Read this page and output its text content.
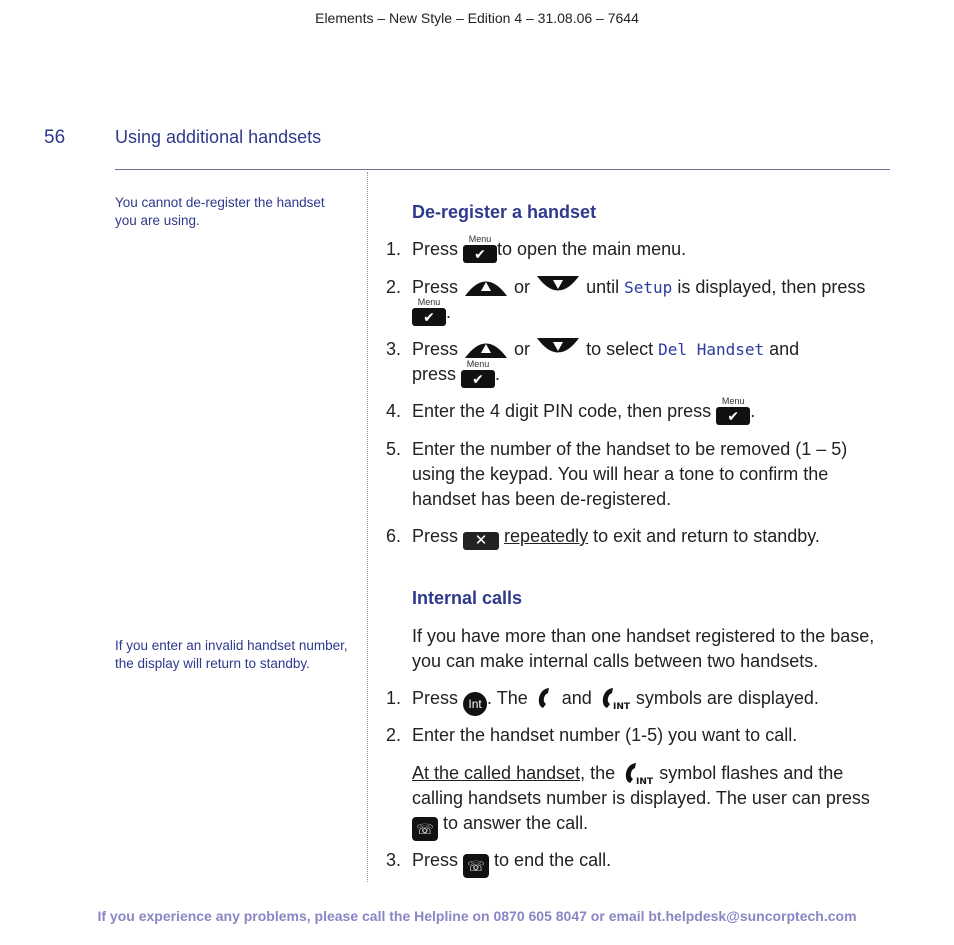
Elements – New Style – Edition 4 – 31.08.06 – 7644
56	Using additional handsets
You cannot de-register the handset you are using.
If you enter an invalid handset number, the display will return to standby.
De-register a handset
1. Press Menu
✔ to open the main menu.
2. Press	Redial or	Calls until Setup is displayed, then press

Menu
✔ .
3. Press	Redial or	Calls to select Del Handset and
press Menu
✔ .
4. Enter the 4 digit PIN code, then press Menu
✔ .
5. Enter the number of the handset to be removed (1 – 5) using the keypad. You will hear a tone to confirm the handset has been de-registered.
6. Press ✕ repeatedly to exit and return to standby.
Internal calls
If you have more than one handset registered to the base, you can make internal calls between two handsets.
1. Press Int . The and INT symbols are displayed.
2. Enter the handset number (1-5) you want to call.
At the called handset, the INT symbol flashes and the calling handsets number is displayed. The user can press ☏ to answer the call.
3. Press ☏ to end the call.
If you experience any problems, please call the Helpline on 0870 605 8047 or email bt.helpdesk@suncorptech.com
